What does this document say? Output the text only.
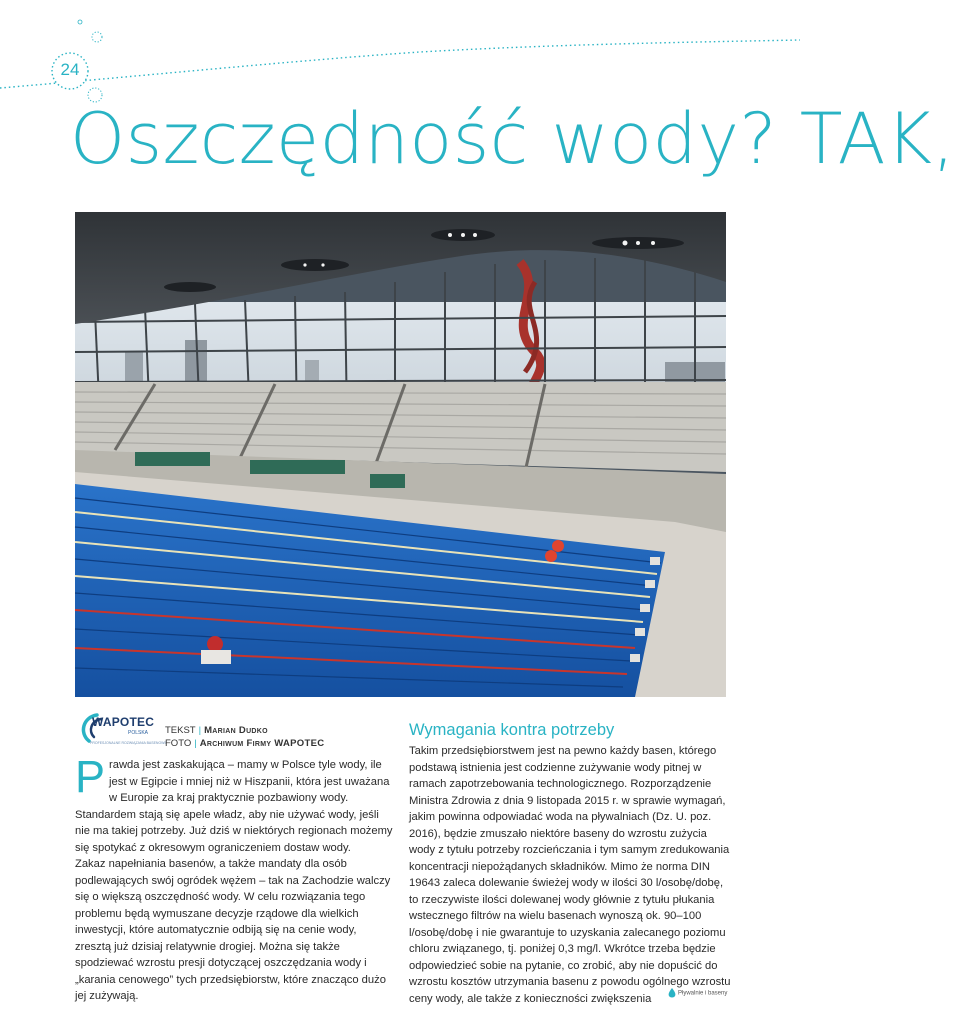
24
Oszczędność wody? TAK,
WAPOTEC
POLSKA
PROFESJONALNE ROZWIĄZANIA BASENOWE
TEKST | Marian Dudko
FOTO | Archiwum Firmy WAPOTEC
P rawda jest zaskakująca – mamy w Polsce tyle wody, ile jest w Egipcie i mniej niż w Hiszpanii, która jest uważana w Europie za kraj praktycznie pozbawiony wody. Standardem stają się apele władz, aby nie używać wody, jeśli nie ma takiej potrzeby. Już dziś w niektórych regionach możemy się spotykać z okresowym ograniczeniem dostaw wody.

Zakaz napełniania basenów, a także mandaty dla osób podlewających swój ogródek wężem – tak na Zachodzie walczy się o większą oszczędność wody. W celu rozwiązania tego problemu będą wymuszane decyzje rządowe dla wielkich inwestycji, które automatycznie odbiją się na cenie wody, zresztą już dzisiaj relatywnie drogiej. Można się także spodziewać wzrostu presji dotyczącej oszczędzania wody i „karania cenowego” tych przedsiębiorstw, które znacząco dużo jej zużywają.

Wymagania kontra potrzeby

Takim przedsiębiorstwem jest na pewno każdy basen, którego podstawą istnienia jest codzienne zużywanie wody pitnej w ramach zapotrzebowania technologicznego. Rozporządzenie Ministra Zdrowia z dnia 9 listopada 2015 r. w sprawie wymagań, jakim powinna odpowiadać woda na pływalniach (Dz. U. poz. 2016), będzie zmuszało niektóre baseny do wzrostu zużycia wody z tytułu potrzeby rozcieńczania i tym samym zredukowania koncentracji niepożądanych składników. Mimo że norma DIN 19643 zaleca dolewanie świeżej wody w ilości 30 l/osobę/dobę, to rzeczywiste ilości dolewanej wody głównie z tytułu płukania wstecznego filtrów na wielu basenach wynoszą ok. 90–100 l/osobę/dobę i nie gwarantuje to uzyskania zalecanego poziomu chloru związanego, tj. poniżej 0,3 mg/l. Wkrótce trzeba będzie odpowiedzieć sobie na pytanie, co zrobić, aby nie dopuścić do wzrostu kosztów utrzymania basenu z powodu ogólnego wzrostu ceny wody, ale także z konieczności zwiększenia	Pływalnie i baseny
